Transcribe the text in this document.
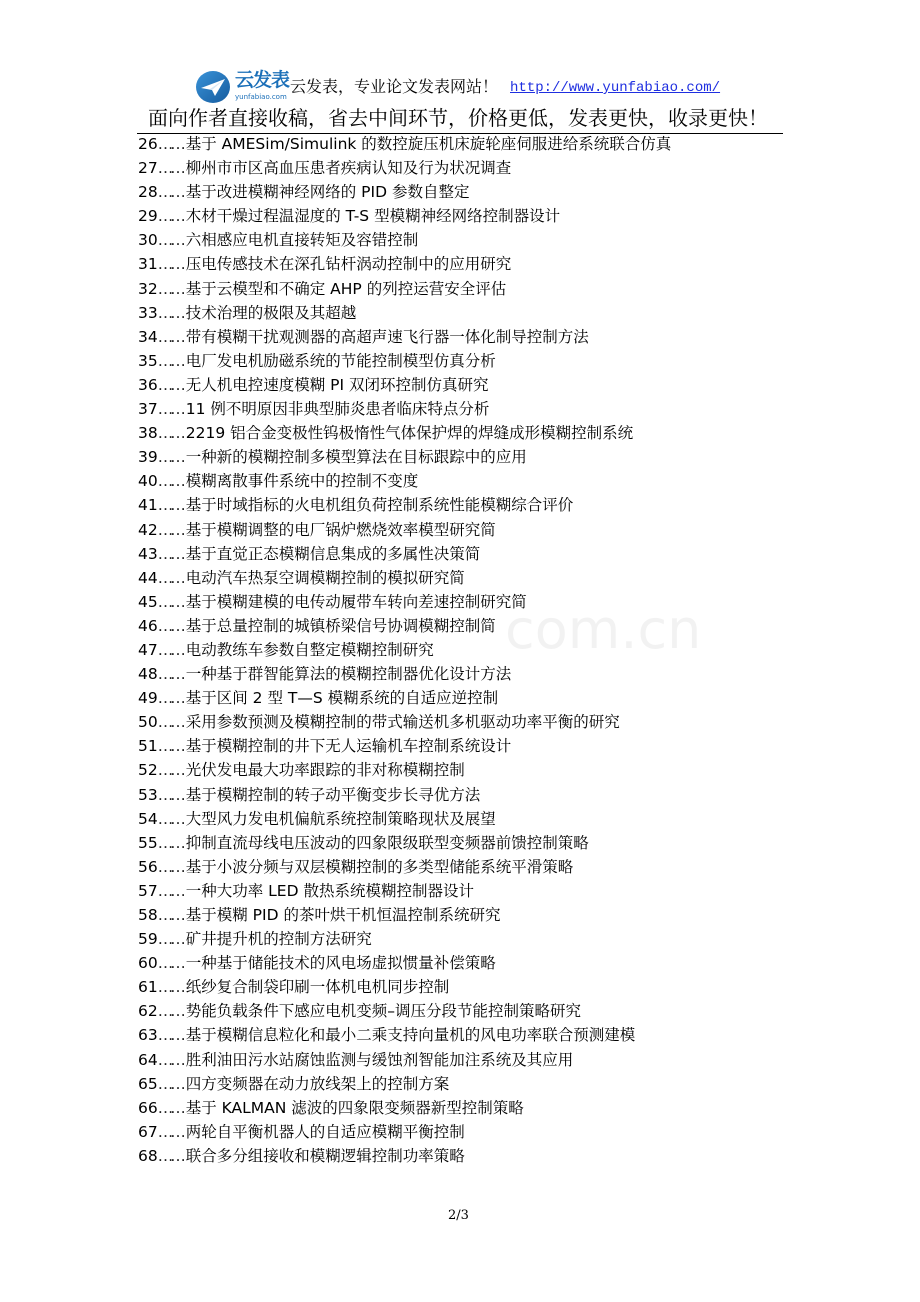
云发表
yunfabiao.com
云发表，专业论文发表网站！ http://www.yunfabiao.com/
面向作者直接收稿，省去中间环节，价格更低，发表更快，收录更快！
26…… 基于 AMESim/Simulink 的数控旋压机床旋轮座伺服进给系统联合仿真
27…… 柳州市市区高血压患者疾病认知及行为状况调查
28…… 基于改进模糊神经网络的 PID 参数自整定
29…… 木材干燥过程温湿度的 T-S 型模糊神经网络控制器设计
30…… 六相感应电机直接转矩及容错控制
31…… 压电传感技术在深孔钻杆涡动控制中的应用研究
32…… 基于云模型和不确定 AHP 的列控运营安全评估
33…… 技术治理的极限及其超越
34…… 带有模糊干扰观测器的高超声速飞行器一体化制导控制方法
35…… 电厂发电机励磁系统的节能控制模型仿真分析
36…… 无人机电控速度模糊 PI 双闭环控制仿真研究
37…… 11 例不明原因非典型肺炎患者临床特点分析
38…… 2219 铝合金变极性钨极惰性气体保护焊的焊缝成形模糊控制系统
39…… 一种新的模糊控制多模型算法在目标跟踪中的应用
40…… 模糊离散事件系统中的控制不变度
41…… 基于时域指标的火电机组负荷控制系统性能模糊综合评价
42…… 基于模糊调整的电厂锅炉燃烧效率模型研究简
43…… 基于直觉正态模糊信息集成的多属性决策简
44…… 电动汽车热泵空调模糊控制的模拟研究简
45…… 基于模糊建模的电传动履带车转向差速控制研究简
46…… 基于总量控制的城镇桥梁信号协调模糊控制简
47…… 电动教练车参数自整定模糊控制研究
48…… 一种基于群智能算法的模糊控制器优化设计方法
49…… 基于区间 2 型 T—S 模糊系统的自适应逆控制
50…… 采用参数预测及模糊控制的带式输送机多机驱动功率平衡的研究
51…… 基于模糊控制的井下无人运输机车控制系统设计
52…… 光伏发电最大功率跟踪的非对称模糊控制
53…… 基于模糊控制的转子动平衡变步长寻优方法
54…… 大型风力发电机偏航系统控制策略现状及展望
55…… 抑制直流母线电压波动的四象限级联型变频器前馈控制策略
56…… 基于小波分频与双层模糊控制的多类型储能系统平滑策略
57…… 一种大功率 LED 散热系统模糊控制器设计
58…… 基于模糊 PID 的茶叶烘干机恒温控制系统研究
59…… 矿井提升机的控制方法研究
60…… 一种基于储能技术的风电场虚拟惯量补偿策略
61…… 纸纱复合制袋印刷一体机电机同步控制
62…… 势能负载条件下感应电机变频–调压分段节能控制策略研究
63…… 基于模糊信息粒化和最小二乘支持向量机的风电功率联合预测建模
64…… 胜利油田污水站腐蚀监测与缓蚀剂智能加注系统及其应用
65…… 四方变频器在动力放线架上的控制方案
66…… 基于 KALMAN 滤波的四象限变频器新型控制策略
67…… 两轮自平衡机器人的自适应模糊平衡控制
68…… 联合多分组接收和模糊逻辑控制功率策略
com.cn
2/3
